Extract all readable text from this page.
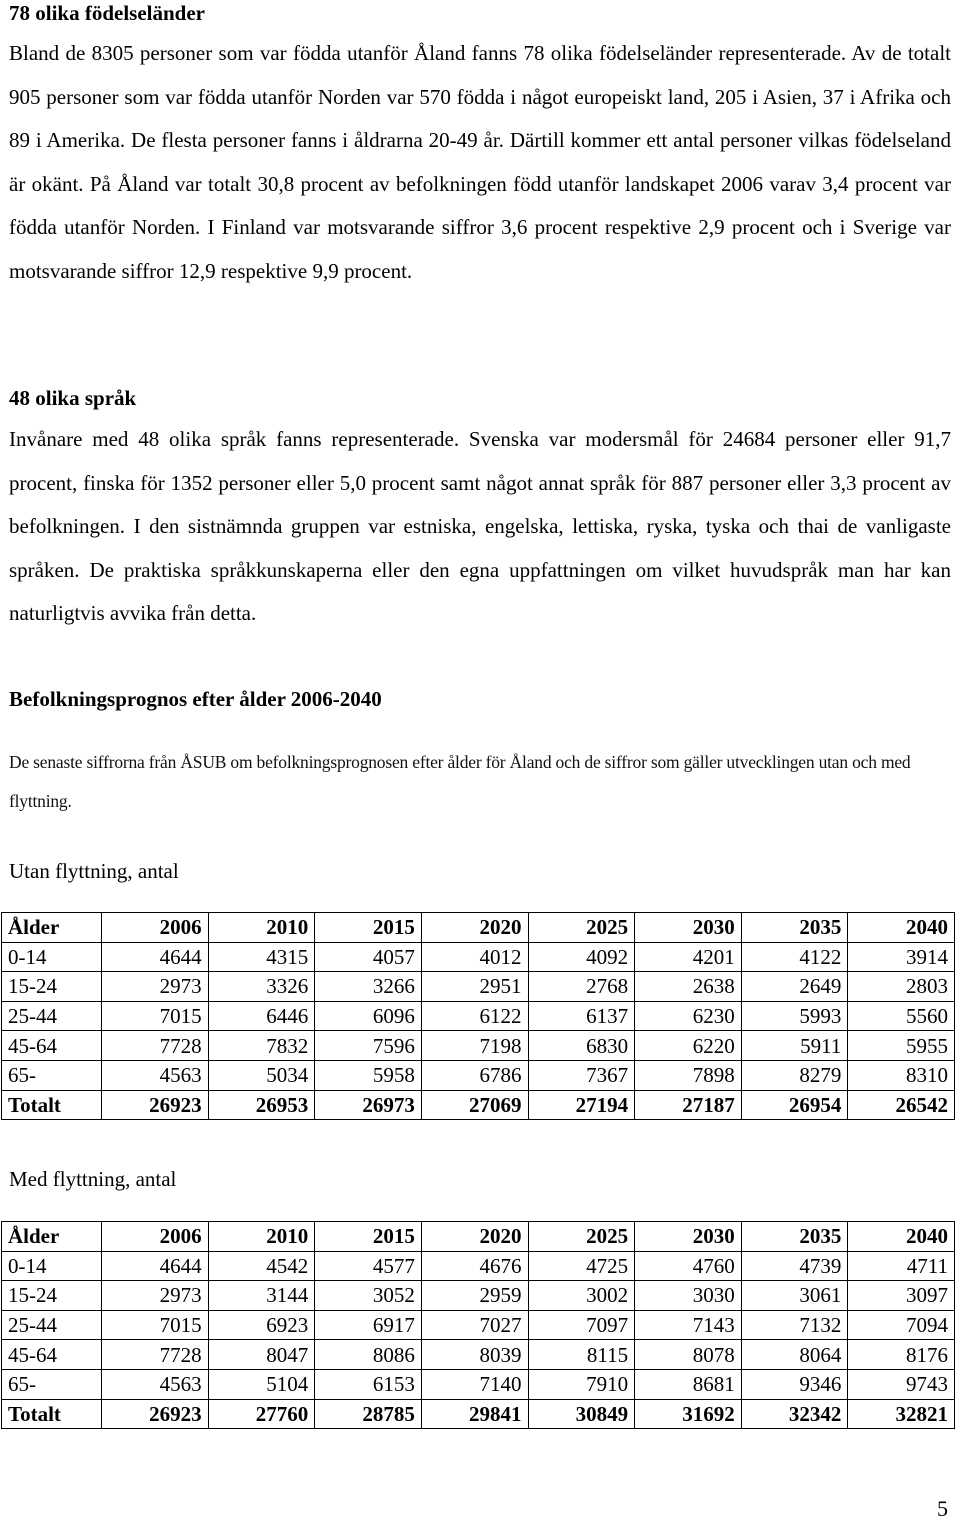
78 olika födelseländer
Bland de 8305 personer som var födda utanför Åland fanns 78 olika födelseländer representerade. Av de totalt 905 personer som var födda utanför Norden var 570 födda i något europeiskt land, 205 i Asien, 37 i Afrika och 89 i Amerika. De flesta personer fanns i åldrarna 20-49 år. Därtill kommer ett antal personer vilkas födelseland är okänt. På Åland var totalt 30,8 procent av befolkningen född utanför landskapet 2006 varav 3,4 procent var födda utanför Norden. I Finland var motsvarande siffror 3,6 procent respektive 2,9 procent och i Sverige var motsvarande siffror 12,9 respektive 9,9 procent.
48 olika språk
Invånare med 48 olika språk fanns representerade. Svenska var modersmål för 24684 personer eller 91,7 procent, finska för 1352 personer eller 5,0 procent samt något annat språk för 887 personer eller 3,3 procent av befolkningen. I den sistnämnda gruppen var estniska, engelska, lettiska, ryska, tyska och thai de vanligaste språken. De praktiska språkkunskaperna eller den egna uppfattningen om vilket huvudspråk man har kan naturligtvis avvika från detta.
Befolkningsprognos efter ålder 2006-2040
De senaste siffrorna från ÅSUB om befolkningsprognosen efter ålder för Åland och de siffror som gäller utvecklingen utan och med flyttning.
Utan flyttning, antal
Ålder	2006	2010	2015	2020	2025	2030	2035	2040
0-14	4644	4315	4057	4012	4092	4201	4122	3914
15-24	2973	3326	3266	2951	2768	2638	2649	2803
25-44	7015	6446	6096	6122	6137	6230	5993	5560
45-64	7728	7832	7596	7198	6830	6220	5911	5955
65-	4563	5034	5958	6786	7367	7898	8279	8310
Totalt	26923	26953	26973	27069	27194	27187	26954	26542
Med flyttning, antal
Ålder	2006	2010	2015	2020	2025	2030	2035	2040
0-14	4644	4542	4577	4676	4725	4760	4739	4711
15-24	2973	3144	3052	2959	3002	3030	3061	3097
25-44	7015	6923	6917	7027	7097	7143	7132	7094
45-64	7728	8047	8086	8039	8115	8078	8064	8176
65-	4563	5104	6153	7140	7910	8681	9346	9743
Totalt	26923	27760	28785	29841	30849	31692	32342	32821
5
